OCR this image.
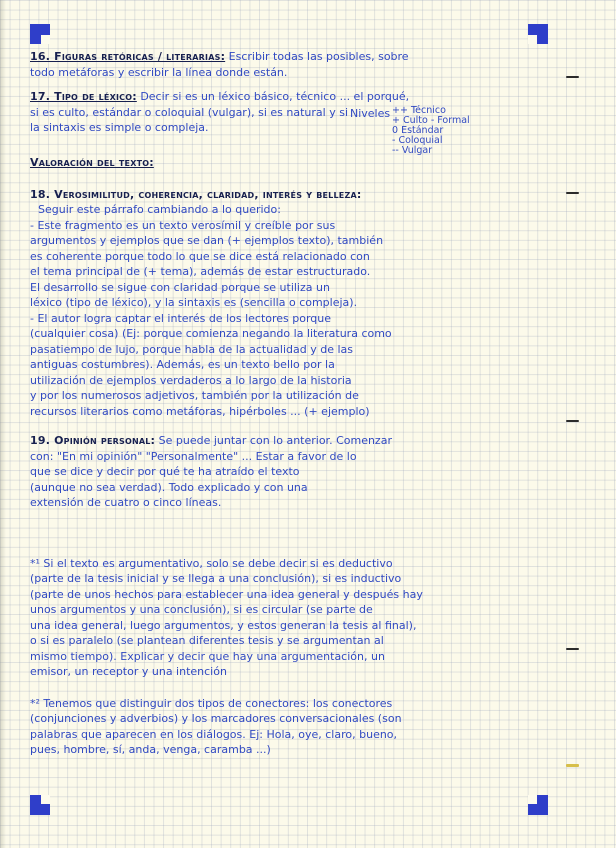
16. Figuras retóricas / literarias: Escribir todas las posibles, sobre
todo metáforas y escribir la línea donde están.
17. Tipo de léxico: Decir si es un léxico básico, técnico ... el porqué,
si es culto, estándar o coloquial (vulgar), si es natural y si
la sintaxis es simple o compleja.
Niveles ++ Técnico
+ Culto - Formal
0 Estándar
- Coloquial
-- Vulgar
Valoración del texto:
18. Verosimilitud, coherencia, claridad, interés y belleza:
Seguir este párrafo cambiando a lo querido:
- Este fragmento es un texto verosímil y creíble por sus
argumentos y ejemplos que se dan (+ ejemplos texto), también
es coherente porque todo lo que se dice está relacionado con
el tema principal de (+ tema), además de estar estructurado.
El desarrollo se sigue con claridad porque se utiliza un
léxico (tipo de léxico), y la sintaxis es (sencilla o compleja).
- El autor logra captar el interés de los lectores porque
(cualquier cosa) (Ej: porque comienza negando la literatura como
pasatiempo de lujo, porque habla de la actualidad y de las
antiguas costumbres). Además, es un texto bello por la
utilización de ejemplos verdaderos a lo largo de la historia
y por los numerosos adjetivos, también por la utilización de
recursos literarios como metáforas, hipérboles ... (+ ejemplo)
19. Opinión personal: Se puede juntar con lo anterior. Comenzar
con: "En mi opinión" "Personalmente" ... Estar a favor de lo
que se dice y decir por qué te ha atraído el texto
(aunque no sea verdad). Todo explicado y con una
extensión de cuatro o cinco líneas.
*¹ Si el texto es argumentativo, solo se debe decir si es deductivo
(parte de la tesis inicial y se llega a una conclusión), si es inductivo
(parte de unos hechos para establecer una idea general y después hay
unos argumentos y una conclusión), si es circular (se parte de
una idea general, luego argumentos, y estos generan la tesis al final),
o si es paralelo (se plantean diferentes tesis y se argumentan al
mismo tiempo). Explicar y decir que hay una argumentación, un
emisor, un receptor y una intención
*² Tenemos que distinguir dos tipos de conectores: los conectores
(conjunciones y adverbios) y los marcadores conversacionales (son
palabras que aparecen en los diálogos. Ej: Hola, oye, claro, bueno,
pues, hombre, sí, anda, venga, caramba ...)
